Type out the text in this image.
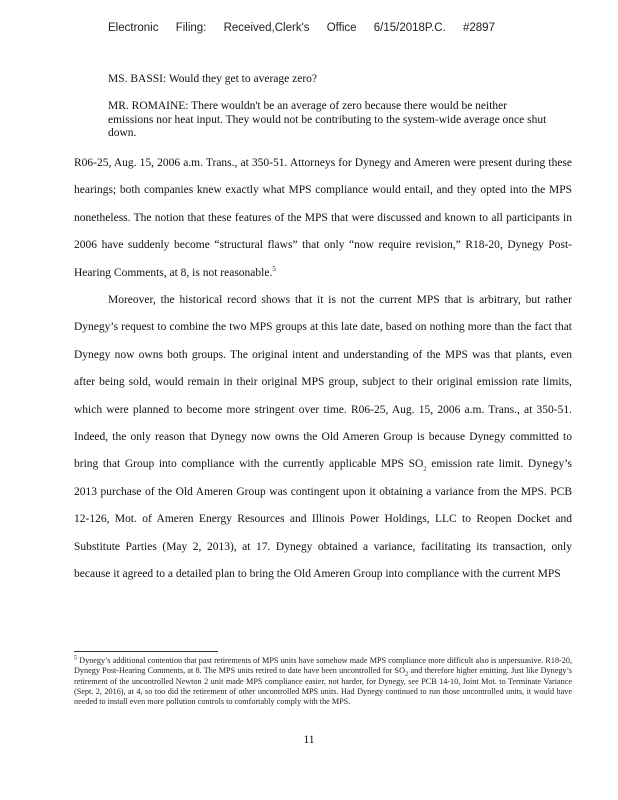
Electronic Filing: Received,Clerk's Office 6/15/2018P.C. #2897
MS. BASSI: Would they get to average zero?
MR. ROMAINE: There wouldn't be an average of zero because there would be neither emissions nor heat input. They would not be contributing to the system-wide average once shut down.

R06-25, Aug. 15, 2006 a.m. Trans., at 350-51. Attorneys for Dynegy and Ameren were present during these hearings; both companies knew exactly what MPS compliance would entail, and they opted into the MPS nonetheless. The notion that these features of the MPS that were discussed and known to all participants in 2006 have suddenly become “structural flaws” that only “now require revision,” R18-20, Dynegy Post-Hearing Comments, at 8, is not reasonable.$^5$

Moreover, the historical record shows that it is not the current MPS that is arbitrary, but rather Dynegy’s request to combine the two MPS groups at this late date, based on nothing more than the fact that Dynegy now owns both groups. The original intent and understanding of the MPS was that plants, even after being sold, would remain in their original MPS group, subject to their original emission rate limits, which were planned to become more stringent over time. R06-25, Aug. 15, 2006 a.m. Trans., at 350-51. Indeed, the only reason that Dynegy now owns the Old Ameren Group is because Dynegy committed to bring that Group into compliance with the currently applicable MPS $SO_2$ emission rate limit. Dynegy’s 2013 purchase of the Old Ameren Group was contingent upon it obtaining a variance from the MPS. PCB 12-126, Mot. of Ameren Energy Resources and Illinois Power Holdings, LLC to Reopen Docket and Substitute Parties (May 2, 2013), at 17. Dynegy obtained a variance, facilitating its transaction, only because it agreed to a detailed plan to bring the Old Ameren Group into compliance with the current MPS

$^5$ Dynegy’s additional contention that past retirements of MPS units have somehow made MPS compliance more difficult also is unpersuasive. R18-20, Dynegy Post-Hearing Comments, at 8. The MPS units retired to date have been uncontrolled for $SO_2$ and therefore higher emitting. Just like Dynegy’s retirement of the uncontrolled Newton 2 unit made MPS compliance easier, not harder, for Dynegy, see PCB 14-10, Joint Mot. to Terminate Variance (Sept. 2, 2016), at 4, so too did the retirement of other uncontrolled MPS units. Had Dynegy continued to run those uncontrolled units, it would have needed to install even more pollution controls to comfortably comply with the MPS.
11
